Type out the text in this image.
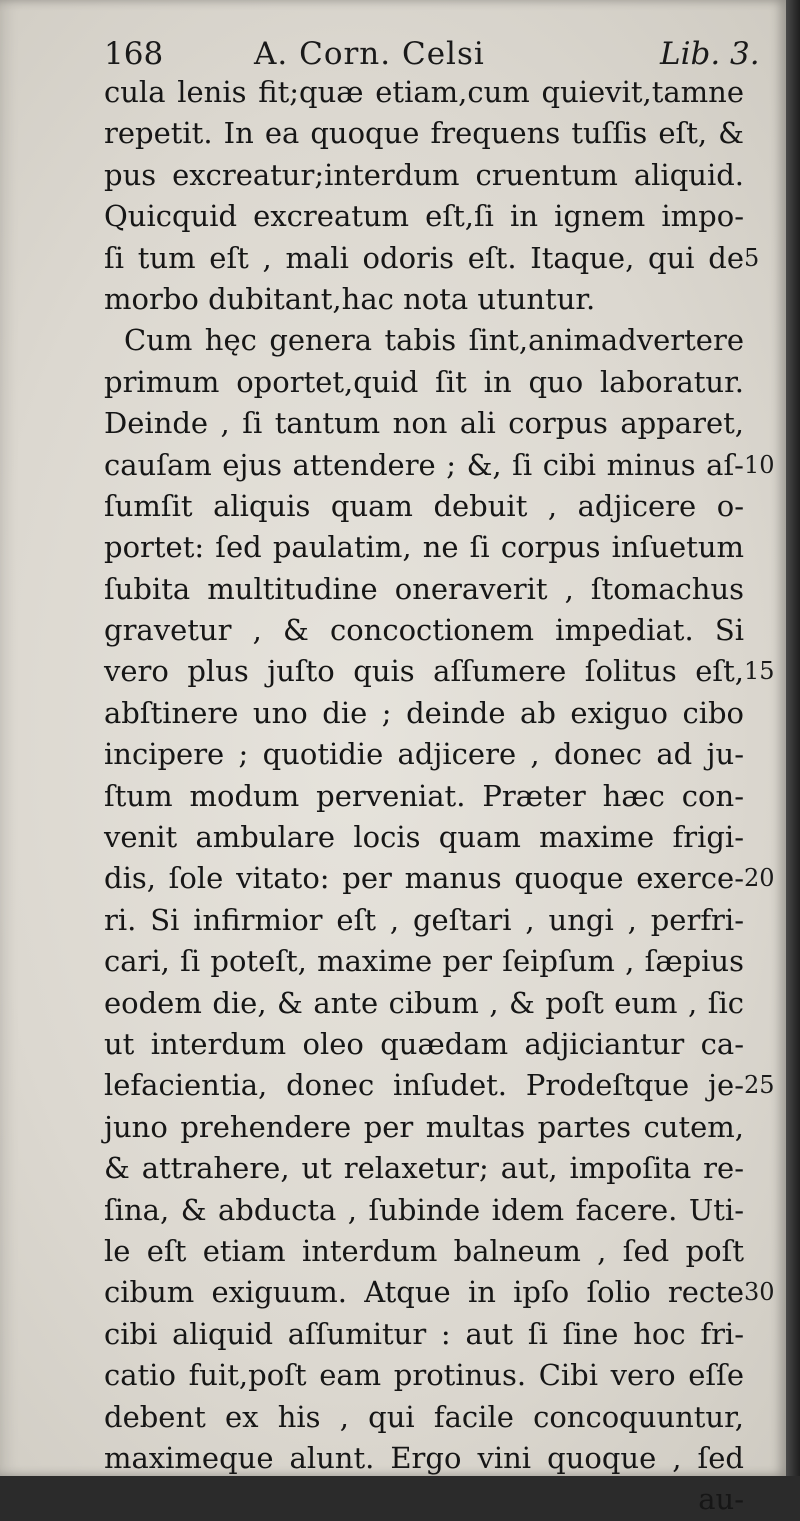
168	A. Corn. Celsi	Lib. 3.
cula lenis fit;quæ etiam,cum quievit,tamne
repetit. In ea quoque frequens tuſſis eſt, &
pus excreatur;interdum cruentum aliquid.
Quicquid excreatum eſt,ſi in ignem impo-
ſi tum eſt , mali odoris eſt. Itaque, qui de
morbo dubitant,hac nota utuntur.
Cum hęc genera tabis ſint,animadvertere
primum oportet,quid ſit in quo laboratur.
Deinde , ſi tantum non ali corpus apparet,
cauſam ejus attendere ; &, ſi cibi minus aſ-
ſumſit aliquis quam debuit , adjicere o-
portet: ſed paulatim, ne ſi corpus inſuetum
ſubita multitudine oneraverit , ſtomachus
gravetur , & concoctionem impediat. Si
vero plus juſto quis aſſumere ſolitus eſt,
abſtinere uno die ; deinde ab exiguo cibo
incipere ; quotidie adjicere , donec ad ju-
ſtum modum perveniat. Præter hæc con-
venit ambulare locis quam maxime frigi-
dis, ſole vitato: per manus quoque exerce-
ri. Si infirmior eſt , geſtari , ungi , perfri-
cari, ſi poteſt, maxime per ſeipſum , ſæpius
eodem die, & ante cibum , & poſt eum , ſic
ut interdum oleo quædam adjiciantur ca-
lefacientia, donec inſudet. Prodeſtque je-
juno prehendere per multas partes cutem,
& attrahere, ut relaxetur; aut, impoſita re-
ſina, & abducta , ſubinde idem facere. Uti-
le eſt etiam interdum balneum , ſed poſt
cibum exiguum. Atque in ipſo ſolio recte
cibi aliquid aſſumitur : aut ſi ſine hoc fri-
catio fuit,poſt eam protinus. Cibi vero eſſe
debent ex his , qui facile concoquuntur,
maximeque alunt. Ergo vini quoque , ſed
au-
5
10
15
20
25
30
